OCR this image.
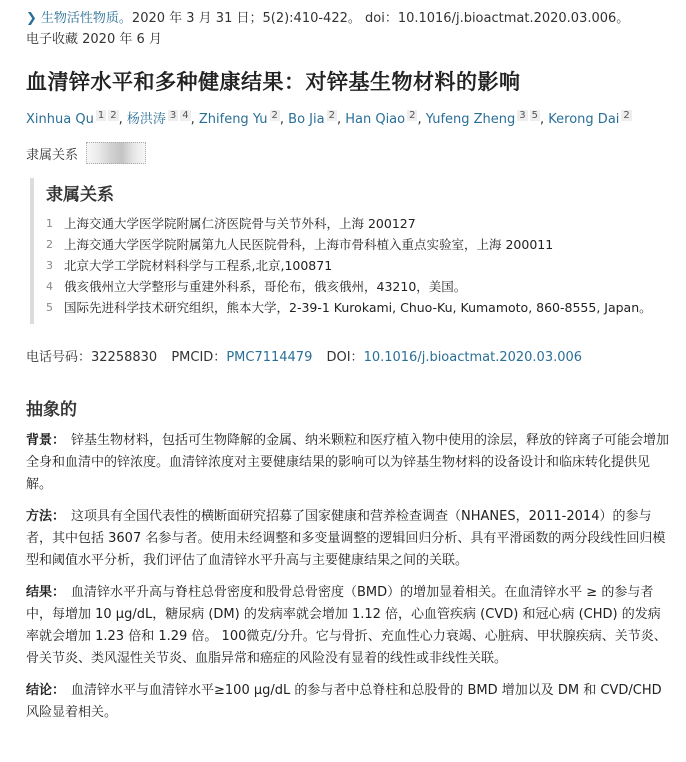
❯ 生物活性物质。2020 年 3 月 31 日；5(2):410-422。 doi：10.1016/j.bioactmat.2020.03.006。
电子收藏 2020 年 6 月
血清锌水平和多种健康结果：对锌基生物材料的影响
Xinhua Qu $^1$ $^2$ , 杨洪涛 $^3$ $^4$ , Zhifeng Yu $^2$ , Bo Jia $^2$ , Han Qiao $^2$ , Yufeng Zheng $^3$ $^5$ , Kerong Dai $^2$
隶属关系
隶属关系
1 上海交通大学医学院附属仁济医院骨与关节外科，上海 200127
2 上海交通大学医学院附属第九人民医院骨科，上海市骨科植入重点实验室，上海 200011
3 北京大学工学院材料科学与工程系,北京,100871
4 俄亥俄州立大学整形与重建外科系，哥伦布，俄亥俄州，43210，美国。
5 国际先进科学技术研究组织，熊本大学，2-39-1 Kurokami, Chuo-Ku, Kumamoto, 860-8555, Japan。
电话号码：32258830 PMCID：PMC7114479 DOI：10.1016/j.bioactmat.2020.03.006
抽象的

背景： 锌基生物材料，包括可生物降解的金属、纳米颗粒和医疗植入物中使用的涂层，释放的锌离子可能会增加全身和血清中的锌浓度。血清锌浓度对主要健康结果的影响可以为锌基生物材料的设备设计和临床转化提供见解。

方法： 这项具有全国代表性的横断面研究招募了国家健康和营养检查调查（NHANES，2011-2014）的参与者，其中包括 3607 名参与者。使用未经调整和多变量调整的逻辑回归分析、具有平滑函数的两分段线性回归模型和阈值水平分析，我们评估了血清锌水平升高与主要健康结果之间的关联。

结果： 血清锌水平升高与脊柱总骨密度和股骨总骨密度（BMD）的增加显着相关。在血清锌水平 ≥ 的参与者中，每增加 10 μg/dL，糖尿病 (DM) 的发病率就会增加 1.12 倍，心血管疾病 (CVD) 和冠心病 (CHD) 的发病率就会增加 1.23 倍和 1.29 倍。 100微克/分升。它与骨折、充血性心力衰竭、心脏病、甲状腺疾病、关节炎、骨关节炎、类风湿性关节炎、血脂异常和癌症的风险没有显着的线性或非线性关联。

结论： 血清锌水平与血清锌水平≥100 μg/dL 的参与者中总脊柱和总股骨的 BMD 增加以及 DM 和 CVD/CHD 风险显着相关。
